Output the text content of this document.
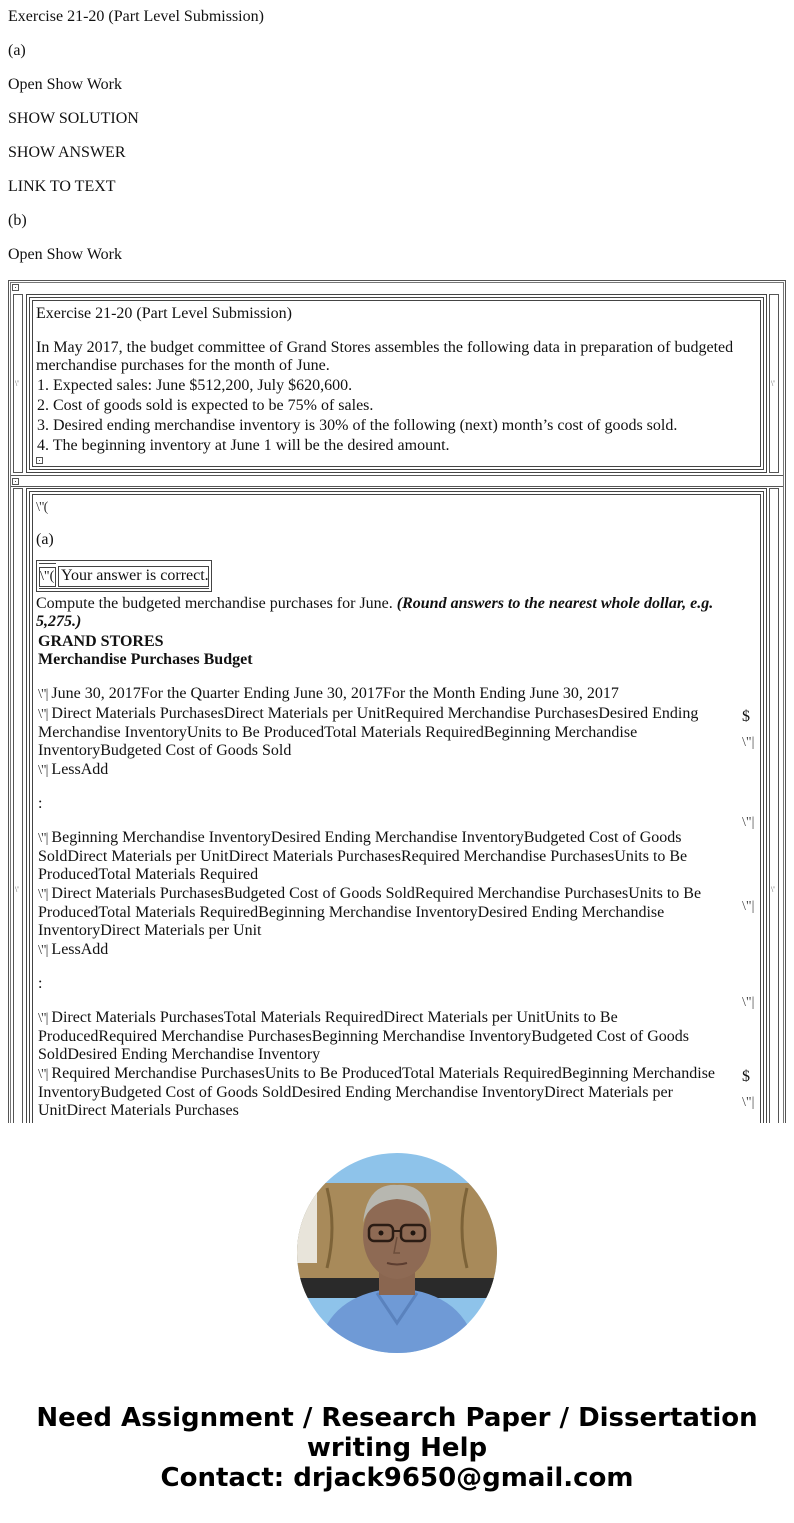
Exercise 21-20 (Part Level Submission)

(a)

Open Show Work

SHOW SOLUTION

SHOW ANSWER

LINK TO TEXT

(b)

Open Show Work

\'	\'
Exercise 21-20 (Part Level Submission)
In May 2017, the budget committee of Grand Stores assembles the following data in preparation of budgeted merchandise purchases for the month of June.
1. Expected sales: June $512,200, July $620,600.
2. Cost of goods sold is expected to be 75% of sales.
3. Desired ending merchandise inventory is 30% of the following (next) month’s cost of goods sold.
4. The beginning inventory at June 1 will be the desired amount.
\'	\'
\"(
(a)
\"( Your answer is correct.
Compute the budgeted merchandise purchases for June. (Round answers to the nearest whole dollar, e.g. 5,275.)
GRAND STORES
Merchandise Purchases Budget
\"| June 30, 2017For the Quarter Ending June 30, 2017For the Month Ending June 30, 2017
\"| Direct Materials PurchasesDirect Materials per UnitRequired Merchandise PurchasesDesired Ending Merchandise InventoryUnits to Be ProducedTotal Materials RequiredBeginning Merchandise InventoryBudgeted Cost of Goods Sold
$
\"|
\"| LessAdd
:
\"|
\"| Beginning Merchandise InventoryDesired Ending Merchandise InventoryBudgeted Cost of Goods SoldDirect Materials per UnitDirect Materials PurchasesRequired Merchandise PurchasesUnits to Be ProducedTotal Materials Required
\"| Direct Materials PurchasesBudgeted Cost of Goods SoldRequired Merchandise PurchasesUnits to Be ProducedTotal Materials RequiredBeginning Merchandise InventoryDesired Ending Merchandise InventoryDirect Materials per Unit
\"|
\"| LessAdd
:
\"|
\"| Direct Materials PurchasesTotal Materials RequiredDirect Materials per UnitUnits to Be ProducedRequired Merchandise PurchasesBeginning Merchandise InventoryBudgeted Cost of Goods SoldDesired Ending Merchandise Inventory
\"| Required Merchandise PurchasesUnits to Be ProducedTotal Materials RequiredBeginning Merchandise InventoryBudgeted Cost of Goods SoldDesired Ending Merchandise InventoryDirect Materials per UnitDirect Materials Purchases
$
\"|
Need Assignment / Research Paper / Dissertation
writing Help
Contact: drjack9650@gmail.com
